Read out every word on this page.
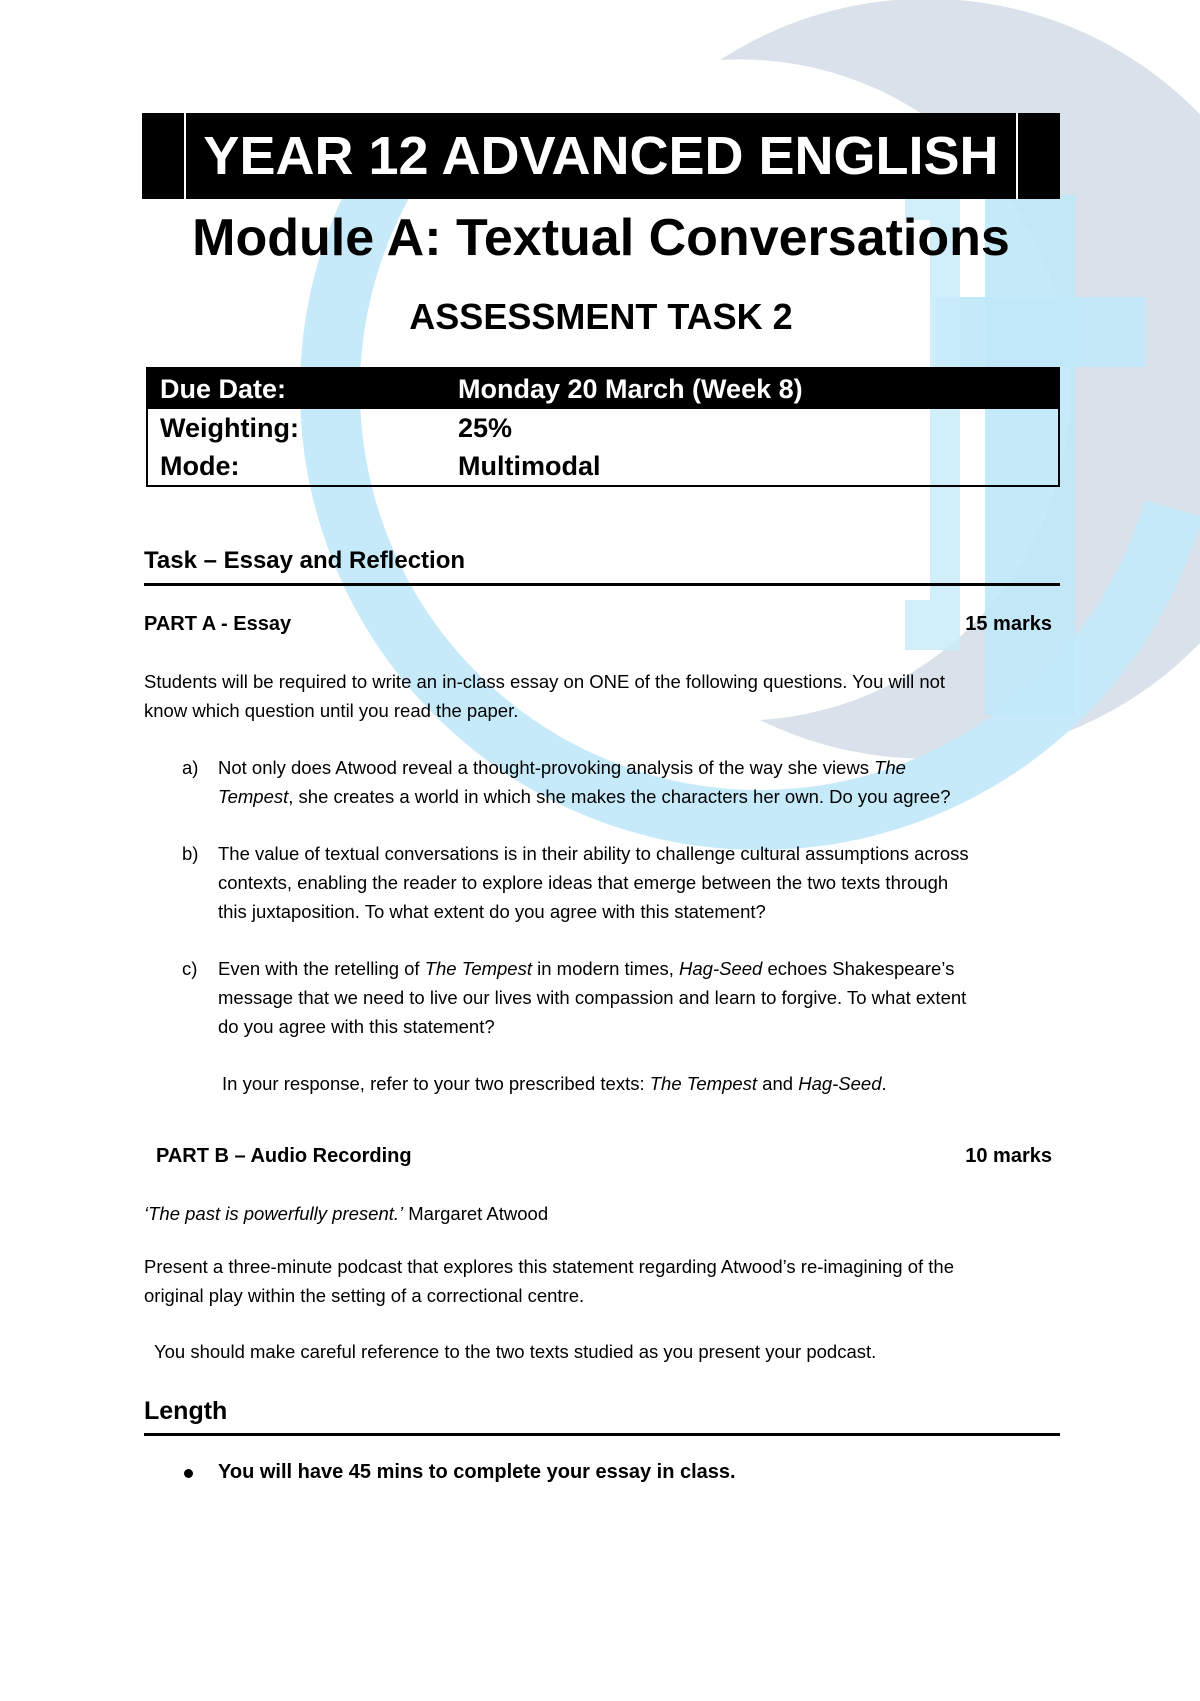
YEAR 12 ADVANCED ENGLISH
Module A: Textual Conversations
ASSESSMENT TASK 2
Due Date:	Monday 20 March (Week 8)
Weighting:	25%
Mode:	Multimodal
Task – Essay and Reflection
PART A - Essay	15 marks
Students will be required to write an in-class essay on ONE of the following questions. You will not
know which question until you read the paper.
a) Not only does Atwood reveal a thought-provoking analysis of the way she views The
Tempest, she creates a world in which she makes the characters her own. Do you agree?
b) The value of textual conversations is in their ability to challenge cultural assumptions across
contexts, enabling the reader to explore ideas that emerge between the two texts through
this juxtaposition. To what extent do you agree with this statement?
c) Even with the retelling of The Tempest in modern times, Hag-Seed echoes Shakespeare’s
message that we need to live our lives with compassion and learn to forgive. To what extent
do you agree with this statement?
In your response, refer to your two prescribed texts: The Tempest and Hag-Seed.
PART B – Audio Recording	10 marks
‘The past is powerfully present.’ Margaret Atwood
Present a three-minute podcast that explores this statement regarding Atwood’s re-imagining of the
original play within the setting of a correctional centre.
You should make careful reference to the two texts studied as you present your podcast.
Length
You will have 45 mins to complete your essay in class.
